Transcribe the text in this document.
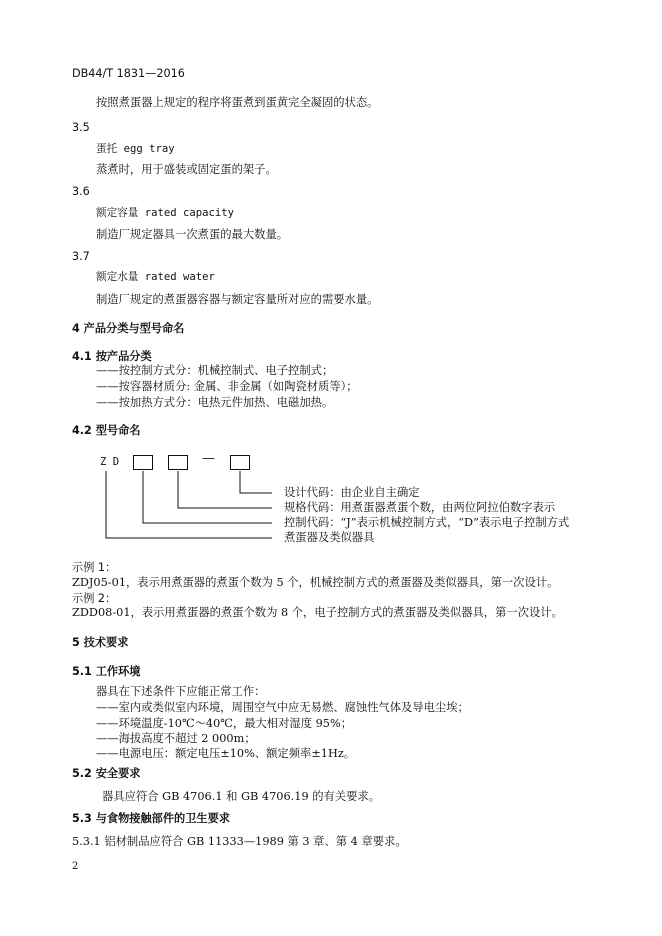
DB44/T 1831—2016
按照煮蛋器上规定的程序将蛋煮到蛋黄完全凝固的状态。
3.5
蛋托 egg tray
蒸煮时，用于盛装或固定蛋的架子。
3.6
额定容量 rated capacity
制造厂规定器具一次煮蛋的最大数量。
3.7
额定水量 rated water
制造厂规定的煮蛋器容器与额定容量所对应的需要水量。
4 产品分类与型号命名
4.1 按产品分类
——按控制方式分：机械控制式、电子控制式；
——按容器材质分: 金属、非金属（如陶瓷材质等）；
——按加热方式分：电热元件加热、电磁加热。
4.2 型号命名
Z D	—
设计代码：由企业自主确定
规格代码：用煮蛋器煮蛋个数，由两位阿拉伯数字表示
控制代码：“J”表示机械控制方式，“D”表示电子控制方式
煮蛋器及类似器具
示例 1：
ZDJ05-01，表示用煮蛋器的煮蛋个数为 5 个，机械控制方式的煮蛋器及类似器具，第一次设计。
示例 2：
ZDD08-01，表示用煮蛋器的煮蛋个数为 8 个，电子控制方式的煮蛋器及类似器具，第一次设计。
5 技术要求
5.1 工作环境
器具在下述条件下应能正常工作：
——室内或类似室内环境，周围空气中应无易燃、腐蚀性气体及导电尘埃；
——环境温度-10℃～40℃，最大相对湿度 95%；
——海拔高度不超过 2 000m；
——电源电压：额定电压±10%、额定频率±1Hz。
5.2 安全要求
器具应符合 GB 4706.1 和 GB 4706.19 的有关要求。
5.3 与食物接触部件的卫生要求
5.3.1 铝材制品应符合 GB 11333—1989 第 3 章、第 4 章要求。
2
